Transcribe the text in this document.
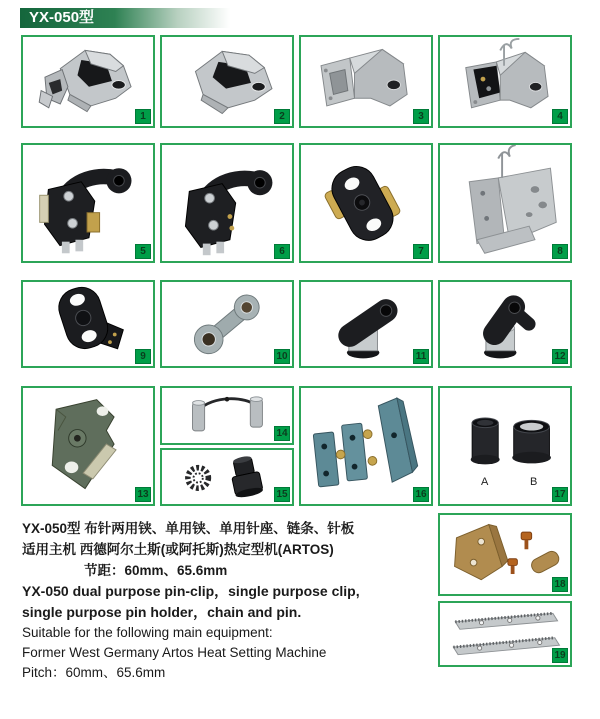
YX-050型
1	2	3	4
5	6	7	8
9	10	11	12
13
14
15	16
A	B
17
18
19
YX-050型 布针两用铗、单用铗、单用针座、链条、针板
适用主机 西德阿尔土斯(或阿托斯)热定型机(ARTOS)
节距：60mm、65.6mm
YX-050 dual purpose pin-clip，single purpose clip,
single purpose pin holder，chain and pin.
Suitable for the following main equipment:
Former West Germany Artos Heat Setting Machine
Pitch：60mm、65.6mm
